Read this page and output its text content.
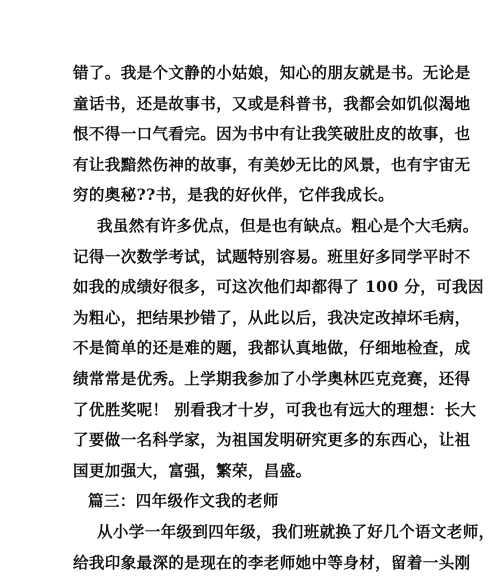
错了。我是个文静的小姑娘，知心的朋友就是书。无论是
童话书，还是故事书，又或是科普书，我都会如饥似渴地
恨不得一口气看完。因为书中有让我笑破肚皮的故事，也
有让我黯然伤神的故事，有美妙无比的风景，也有宇宙无
穷的奥秘??书，是我的好伙伴，它伴我成长。
我虽然有许多优点，但是也有缺点。粗心是个大毛病。
记得一次数学考试，试题特别容易。班里好多同学平时不
如我的成绩好很多，可这次他们却都得了 100 分，可我因
为粗心，把结果抄错了，从此以后，我决定改掉坏毛病，
不是简单的还是难的题，我都认真地做，仔细地检查，成
绩常常是优秀。上学期我参加了小学奥林匹克竞赛，还得
了优胜奖呢！ 别看我才十岁，可我也有远大的理想：长大
了要做一名科学家，为祖国发明研究更多的东西心，让祖
国更加强大，富强，繁荣，昌盛。
篇三：四年级作文我的老师
从小学一年级到四年级，我们班就换了好几个语文老师，
给我印象最深的是现在的李老师她中等身材，留着一头刚
